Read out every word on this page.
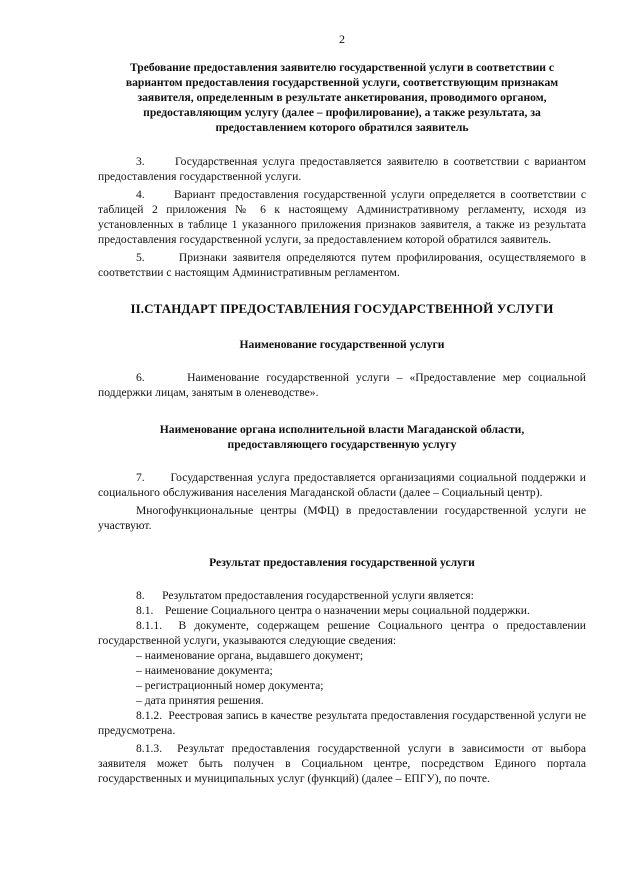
2

Требование предоставления заявителю государственной услуги в соответствии с

вариантом предоставления государственной услуги, соответствующим признакам

заявителя, определенным в результате анкетирования, проводимого органом,

предоставляющим услугу (далее – профилирование), а также результата, за

предоставлением которого обратился заявитель

3.      Государственная услуга предоставляется заявителю в соответствии с вариантом предоставления государственной услуги.

4.      Вариант предоставления государственной услуги определяется в соответствии с таблицей 2 приложения № 6 к настоящему Административному регламенту, исходя из установленных в таблице 1 указанного приложения признаков заявителя, а также из результата предоставления государственной услуги, за предоставлением которой обратился заявитель.

5.      Признаки заявителя определяются путем профилирования, осуществляемого в соответствии с настоящим Административным регламентом.

II.СТАНДАРТ ПРЕДОСТАВЛЕНИЯ ГОСУДАРСТВЕННОЙ УСЛУГИ

Наименование государственной услуги

6.      Наименование государственной услуги – «Предоставление мер социальной поддержки лицам, занятым в оленеводстве».

Наименование органа исполнительной власти Магаданской области,

предоставляющего государственную услугу

7.      Государственная услуга предоставляется организациями социальной поддержки и социального обслуживания населения Магаданской области (далее – Социальный центр).

Многофункциональные центры (МФЦ) в предоставлении государственной услуги не участвуют.

Результат предоставления государственной услуги

8.      Результатом предоставления государственной услуги является:

8.1.    Решение Социального центра о назначении меры социальной поддержки.

8.1.1.  В документе, содержащем решение Социального центра о предоставлении государственной услуги, указываются следующие сведения:

– наименование органа, выдавшего документ;

– наименование документа;

– регистрационный номер документа;

– дата принятия решения.

8.1.2.  Реестровая запись в качестве результата предоставления государственной услуги не предусмотрена.

8.1.3.  Результат предоставления государственной услуги в зависимости от выбора заявителя может быть получен в Социальном центре, посредством Единого портала государственных и муниципальных услуг (функций) (далее – ЕПГУ), по почте.
